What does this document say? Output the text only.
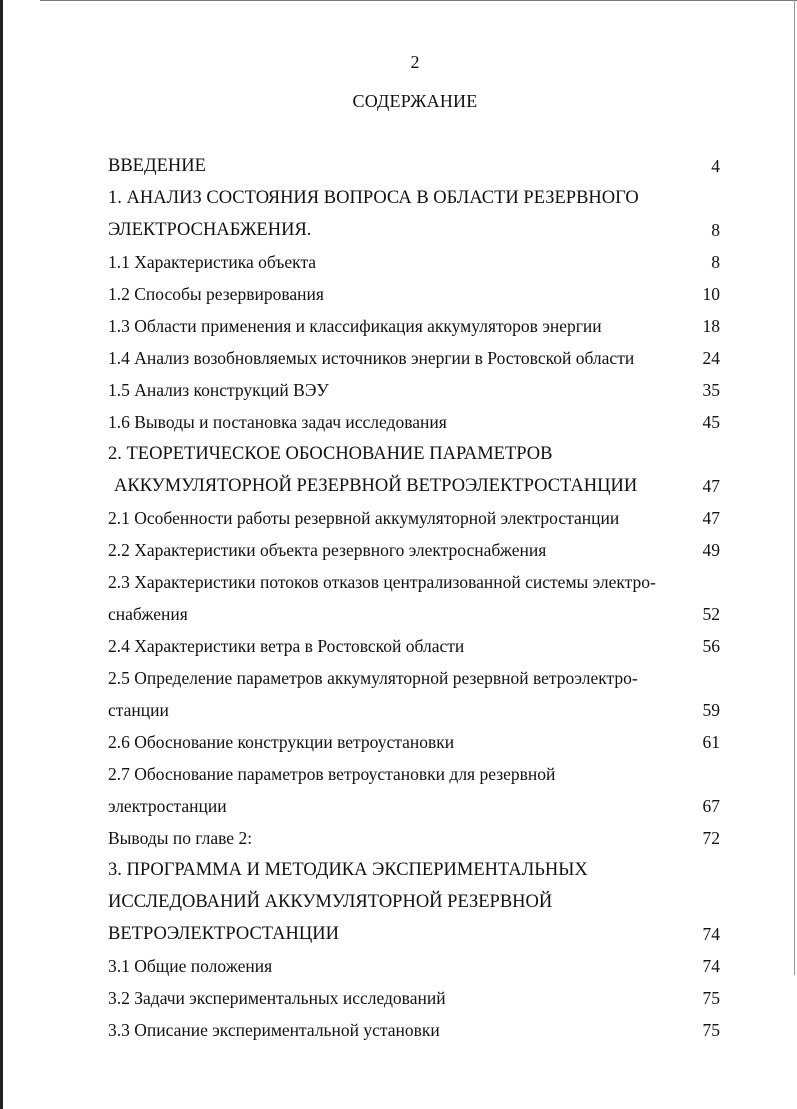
2
СОДЕРЖАНИЕ
ВВЕДЕНИЕ	4
1. АНАЛИЗ СОСТОЯНИЯ ВОПРОСА В ОБЛАСТИ РЕЗЕРВНОГО
ЭЛЕКТРОСНАБЖЕНИЯ.	8
1.1 Характеристика объекта	8
1.2 Способы резервирования	10
1.3 Области применения и классификация аккумуляторов энергии	18
1.4 Анализ возобновляемых источников энергии в Ростовской области	24
1.5 Анализ конструкций ВЭУ	35
1.6 Выводы и постановка задач исследования	45
2. ТЕОРЕТИЧЕСКОЕ ОБОСНОВАНИЕ ПАРАМЕТРОВ
АККУМУЛЯТОРНОЙ РЕЗЕРВНОЙ ВЕТРОЭЛЕКТРОСТАНЦИИ	47
2.1 Особенности работы резервной аккумуляторной электростанции	47
2.2 Характеристики объекта резервного электроснабжения	49
2.3 Характеристики потоков отказов централизованной системы электро-
снабжения	52
2.4 Характеристики ветра в Ростовской области	56
2.5 Определение параметров аккумуляторной резервной ветроэлектро-
станции	59
2.6 Обоснование конструкции ветроустановки	61
2.7 Обоснование параметров ветроустановки для резервной
электростанции	67
Выводы по главе 2:	72
3. ПРОГРАММА И МЕТОДИКА ЭКСПЕРИМЕНТАЛЬНЫХ
ИССЛЕДОВАНИЙ АККУМУЛЯТОРНОЙ РЕЗЕРВНОЙ
ВЕТРОЭЛЕКТРОСТАНЦИИ	74
3.1 Общие положения	74
3.2 Задачи экспериментальных исследований	75
3.3 Описание экспериментальной установки	75
